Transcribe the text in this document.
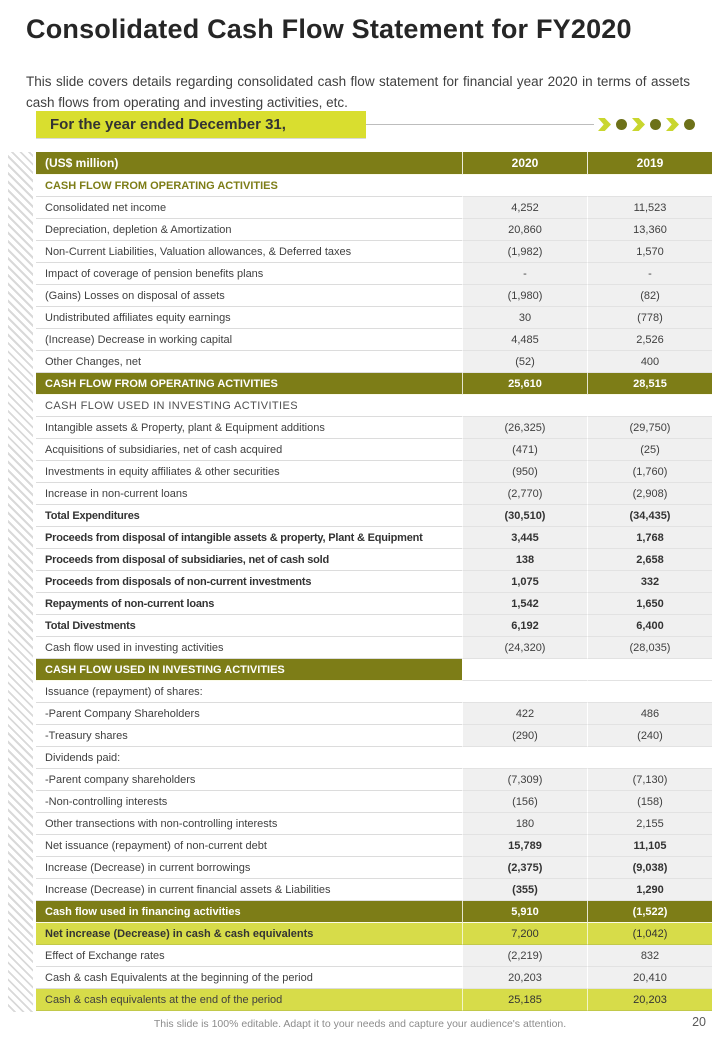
Consolidated Cash Flow Statement for FY2020
This slide covers details regarding consolidated cash flow statement for financial year 2020 in terms of assets cash flows from operating and investing activities, etc.
For the year ended December 31,
(US$ million)	2020	2019
CASH FLOW FROM OPERATING ACTIVITIES
Consolidated net income	4,252	11,523
Depreciation, depletion & Amortization	20,860	13,360
Non-Current Liabilities, Valuation allowances, & Deferred taxes	(1,982)	1,570
Impact of coverage of pension benefits plans	-	-
(Gains) Losses on disposal of assets	(1,980)	(82)
Undistributed affiliates equity earnings	30	(778)
(Increase) Decrease in working capital	4,485	2,526
Other Changes, net	(52)	400
CASH FLOW FROM OPERATING ACTIVITIES	25,610	28,515
CASH FLOW USED IN INVESTING ACTIVITIES
Intangible assets & Property, plant & Equipment additions	(26,325)	(29,750)
Acquisitions of subsidiaries, net of cash acquired	(471)	(25)
Investments in equity affiliates & other securities	(950)	(1,760)
Increase in non-current loans	(2,770)	(2,908)
Total Expenditures	(30,510)	(34,435)
Proceeds from disposal of intangible assets & property, Plant & Equipment	3,445	1,768
Proceeds from disposal of subsidiaries, net of cash sold	138	2,658
Proceeds from disposals of non-current investments	1,075	332
Repayments of non-current loans	1,542	1,650
Total Divestments	6,192	6,400
Cash flow used in investing activities	(24,320)	(28,035)
CASH FLOW USED IN INVESTING ACTIVITIES
Issuance (repayment) of shares:
-Parent Company Shareholders	422	486
-Treasury shares	(290)	(240)
Dividends paid:
-Parent company shareholders	(7,309)	(7,130)
-Non-controlling interests	(156)	(158)
Other transections with non-controlling interests	180	2,155
Net issuance (repayment) of non-current debt	15,789	11,105
Increase (Decrease) in current borrowings	(2,375)	(9,038)
Increase (Decrease) in current financial assets & Liabilities	(355)	1,290
Cash flow used in financing activities	5,910	(1,522)
Net increase (Decrease) in cash & cash equivalents	7,200	(1,042)
Effect of Exchange rates	(2,219)	832
Cash & cash Equivalents at the beginning of the period	20,203	20,410
Cash & cash equivalents at the end of the period	25,185	20,203
This slide is 100% editable. Adapt it to your needs and capture your audience's attention.	20
